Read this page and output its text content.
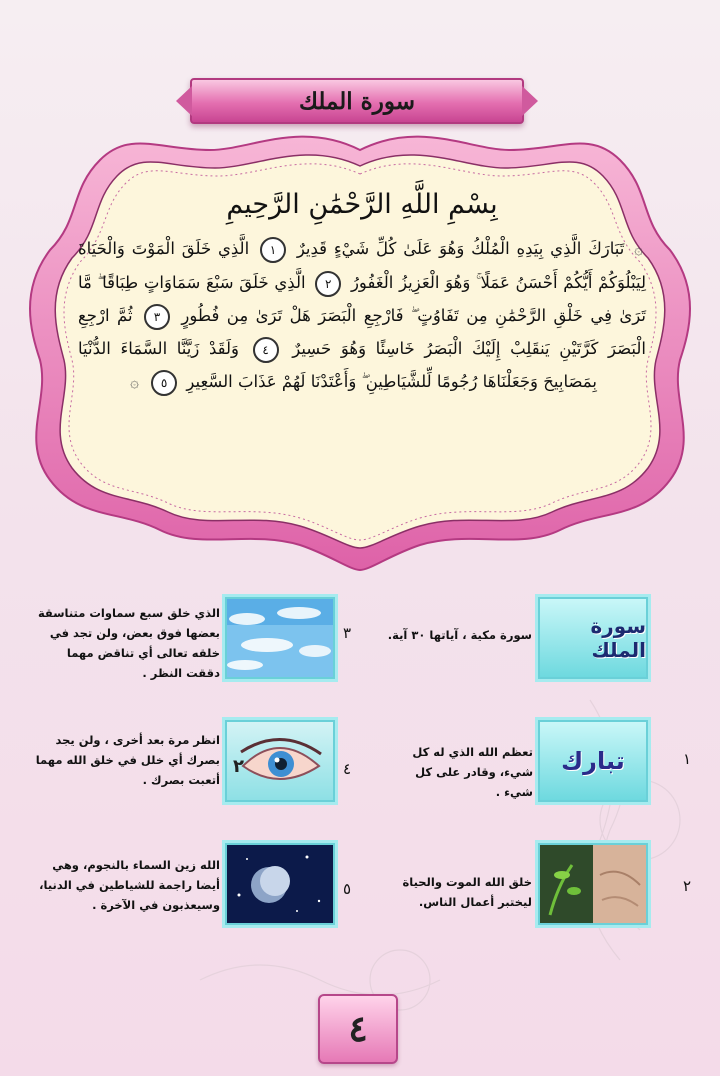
سورة الملك
بِسْمِ اللَّهِ الرَّحْمَٰنِ الرَّحِيمِ
۞ تَبَارَكَ الَّذِي بِيَدِهِ الْمُلْكُ وَهُوَ عَلَىٰ كُلِّ شَيْءٍ قَدِيرٌ ١ الَّذِي خَلَقَ الْمَوْتَ وَالْحَيَاةَ لِيَبْلُوَكُمْ أَيُّكُمْ أَحْسَنُ عَمَلًا ۚ وَهُوَ الْعَزِيزُ الْغَفُورُ ٢ الَّذِي خَلَقَ سَبْعَ سَمَاوَاتٍ طِبَاقًا ۖ مَّا تَرَىٰ فِي خَلْقِ الرَّحْمَٰنِ مِن تَفَاوُتٍ ۖ فَارْجِعِ الْبَصَرَ هَلْ تَرَىٰ مِن فُطُورٍ ٣ ثُمَّ ارْجِعِ الْبَصَرَ كَرَّتَيْنِ يَنقَلِبْ إِلَيْكَ الْبَصَرُ خَاسِئًا وَهُوَ حَسِيرٌ ٤ وَلَقَدْ زَيَّنَّا السَّمَاءَ الدُّنْيَا بِمَصَابِيحَ وَجَعَلْنَاهَا رُجُومًا لِّلشَّيَاطِينِ ۖ وَأَعْتَدْنَا لَهُمْ عَذَابَ السَّعِيرِ ٥ ۞
سورة الملك
سورة مكية ، آياتها ٣٠ آية.
١
تبارك
تعظم الله الذي له كل شيء، وقادر على كل شيء .
٢
خلق الله الموت والحياة ليختبر أعمال الناس.
٣
الذي خلق سبع سماوات متناسقة بعضها فوق بعض، ولن تجد في خلقه تعالى أي تناقض مهما دققت النظر .
٤
٢
انظر مرة بعد أخرى ، ولن يجد بصرك أي خلل في خلق الله مهما أتعبت بصرك .
٥
الله زين السماء بالنجوم، وهي أيضا راجمة للشياطين في الدنيا، وسيعذبون في الآخرة .
٤
